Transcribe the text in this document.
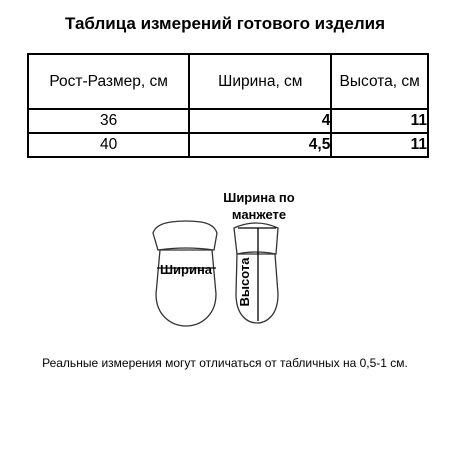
Таблица измерений готового изделия
Рост-Размер, см	Ширина, см	Высота, см
36	4	11
40	4,5	11
Ширина
Ширина по
манжете
Высота
Реальные измерения могут отличаться от табличных на 0,5-1 см.
